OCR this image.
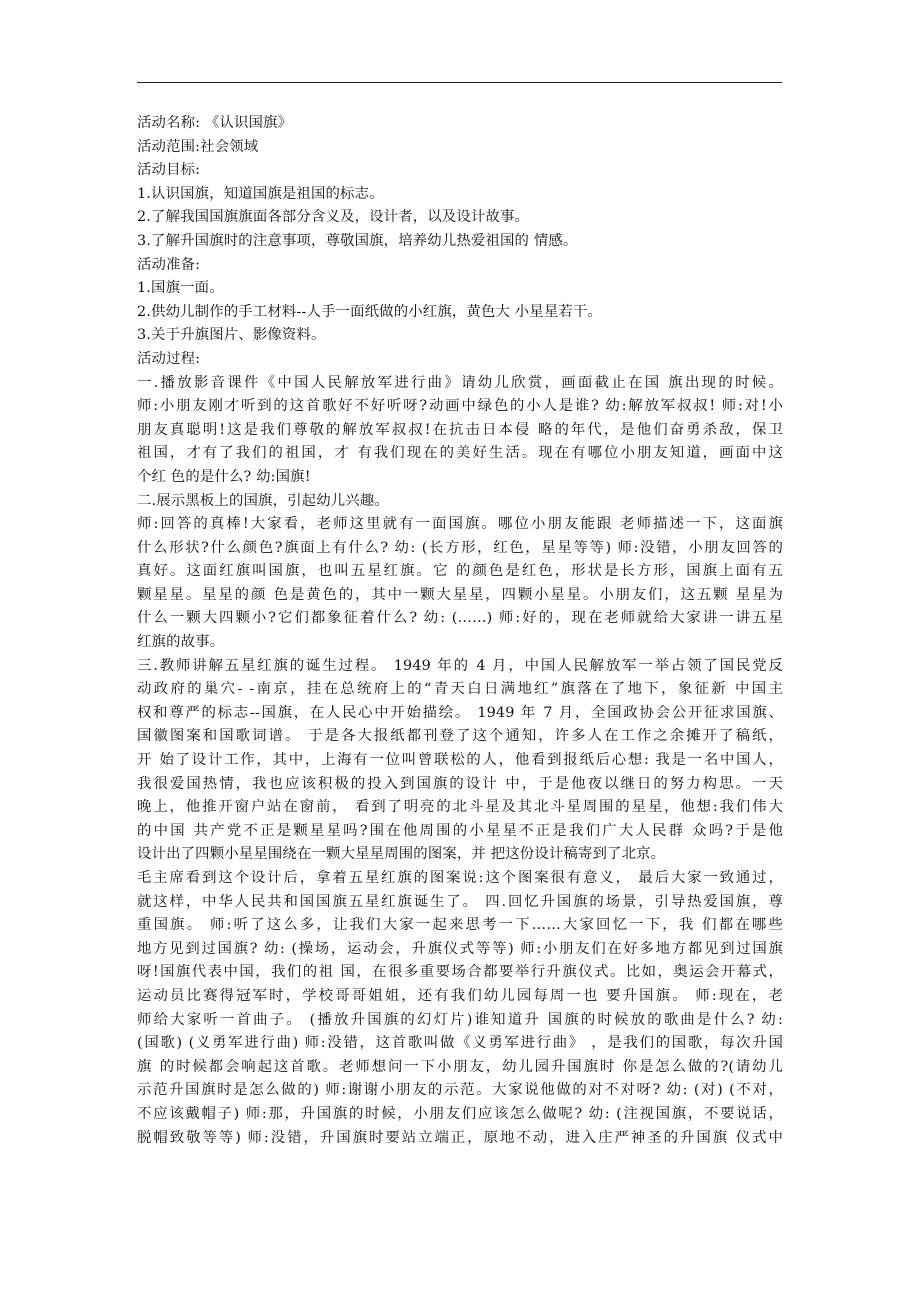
活动名称: 《认识国旗》
活动范围:社会领域
活动目标:
1.认识国旗，知道国旗是祖国的标志。
2.了解我国国旗旗面各部分含义及，设计者，以及设计故事。
3.了解升国旗时的注意事项，尊敬国旗，培养幼儿热爱祖国的 情感。
活动准备:
1.国旗一面。
2.供幼儿制作的手工材料--人手一面纸做的小红旗，黄色大 小星星若干。
3.关于升旗图片、影像资料。
活动过程:
一.播放影音课件《中国人民解放军进行曲》请幼儿欣赏，画面截止在国 旗出现的时候。
师:小朋友刚才听到的这首歌好不好听呀?动画中绿色的小人是谁? 幼:解放军叔叔! 师:对!小
朋友真聪明!这是我们尊敬的解放军叔叔!在抗击日本侵 略的年代，是他们奋勇杀敌，保卫
祖国，才有了我们的祖国，才 有我们现在的美好生活。现在有哪位小朋友知道，画面中这
个红 色的是什么? 幼:国旗!
二.展示黑板上的国旗，引起幼儿兴趣。
师:回答的真棒!大家看，老师这里就有一面国旗。哪位小朋友能跟 老师描述一下，这面旗
什么形状?什么颜色?旗面上有什么? 幼: (长方形，红色，星星等等) 师:没错，小朋友回答的
真好。这面红旗叫国旗，也叫五星红旗。它 的颜色是红色，形状是长方形，国旗上面有五
颗星星。星星的颜 色是黄色的，其中一颗大星星，四颗小星星。小朋友们，这五颗 星星为
什么一颗大四颗小?它们都象征着什么? 幼: (……) 师:好的，现在老师就给大家讲一讲五星
红旗的故事。
三.教师讲解五星红旗的诞生过程。 1949 年的 4 月，中国人民解放军一举占领了国民党反
动政府的巢穴- -南京，挂在总统府上的“青天白日满地红”旗落在了地下，象征新 中国主
权和尊严的标志--国旗，在人民心中开始描绘。 1949 年 7 月，全国政协会公开征求国旗、
国徽图案和国歌词谱。 于是各大报纸都刊登了这个通知，许多人在工作之余摊开了稿纸，
开 始了设计工作，其中，上海有一位叫曾联松的人，他看到报纸后心想: 我是一名中国人，
我很爱国热情，我也应该积极的投入到国旗的设计 中，于是他夜以继日的努力构思。一天
晚上，他推开窗户站在窗前， 看到了明亮的北斗星及其北斗星周围的星星，他想:我们伟大
的中国 共产党不正是颗星星吗?围在他周围的小星星不正是我们广大人民群 众吗?于是他
设计出了四颗小星星围绕在一颗大星星周围的图案，并 把这份设计稿寄到了北京。
毛主席看到这个设计后，拿着五星红旗的图案说:这个图案很有意义， 最后大家一致通过，
就这样，中华人民共和国国旗五星红旗诞生了。 四.回忆升国旗的场景，引导热爱国旗，尊
重国旗。 师:听了这么多，让我们大家一起来思考一下……大家回忆一下，我 们都在哪些
地方见到过国旗? 幼: (操场，运动会，升旗仪式等等) 师:小朋友们在好多地方都见到过国旗
呀!国旗代表中国，我们的祖 国，在很多重要场合都要举行升旗仪式。比如，奥运会开幕式，
运动员比赛得冠军时，学校哥哥姐姐，还有我们幼儿园每周一也 要升国旗。 师:现在，老
师给大家听一首曲子。 (播放升国旗的幻灯片)谁知道升 国旗的时候放的歌曲是什么? 幼:
(国歌) (义勇军进行曲) 师:没错，这首歌叫做《义勇军进行曲》 ，是我们的国歌，每次升国
旗 的时候都会响起这首歌。老师想问一下小朋友，幼儿园升国旗时 你是怎么做的?(请幼儿
示范升国旗时是怎么做的) 师:谢谢小朋友的示范。大家说他做的对不对呀? 幼: (对) (不对，
不应该戴帽子) 师:那，升国旗的时候，小朋友们应该怎么做呢? 幼: (注视国旗，不要说话，
脱帽致敬等等) 师:没错，升国旗时要站立端正，原地不动，进入庄严神圣的升国旗 仪式中
